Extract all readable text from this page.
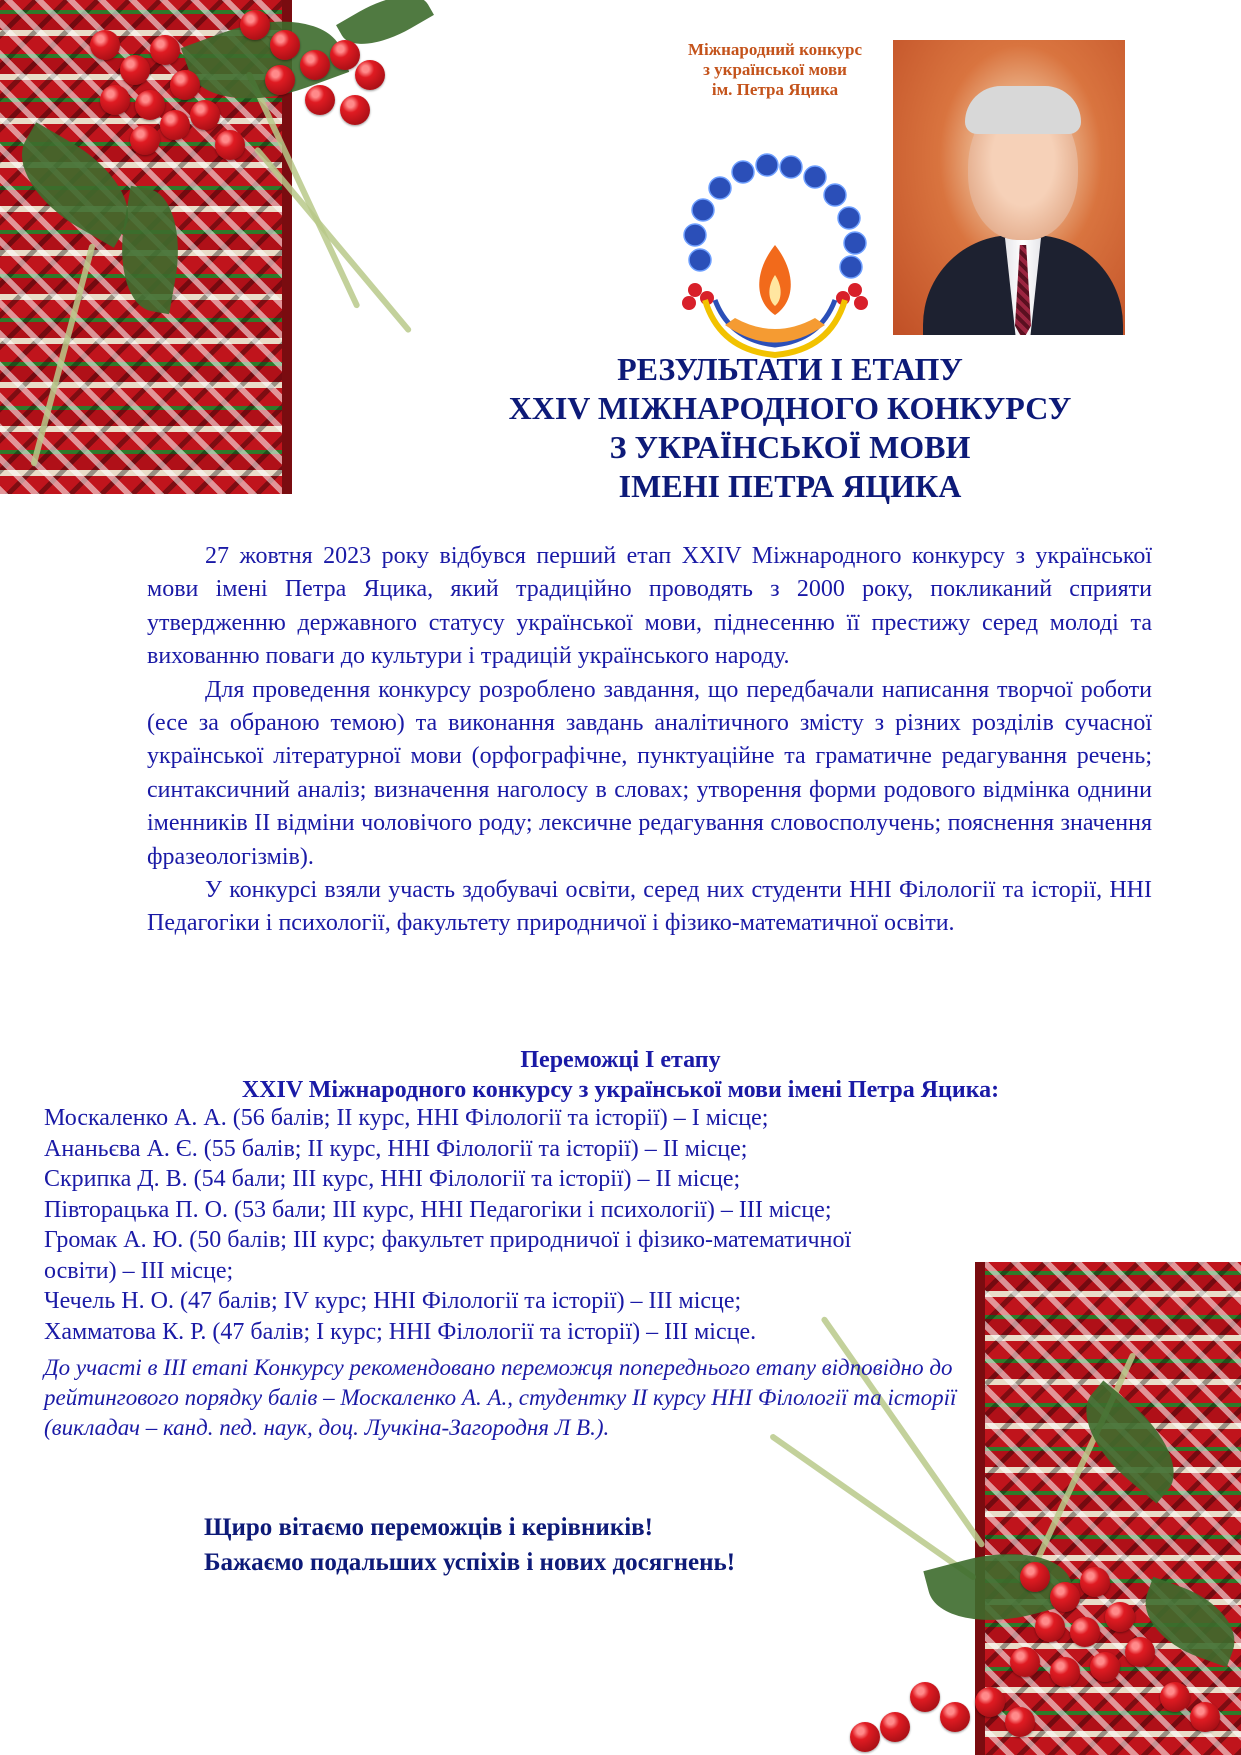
Міжнародний конкурс
з української мови
ім. Петра Яцика
РЕЗУЛЬТАТИ І ЕТАПУ
XXIV МІЖНАРОДНОГО КОНКУРСУ
З УКРАЇНСЬКОЇ МОВИ
ІМЕНІ ПЕТРА ЯЦИКА

27 жовтня 2023 року відбувся перший етап XXIV Міжнародного конкурсу з української мови імені Петра Яцика, який традиційно проводять з 2000 року, покликаний сприяти утвердженню державного статусу української мови, піднесенню її престижу серед молоді та вихованню поваги до культури і традицій українського народу.

Для проведення конкурсу розроблено завдання, що передбачали написання творчої роботи (есе за обраною темою) та виконання завдань аналітичного змісту з різних розділів сучасної української літературної мови (орфографічне, пунктуаційне та граматичне редагування речень; синтаксичний аналіз; визначення наголосу в словах; утворення форми родового відмінка однини іменників ІІ відміни чоловічого роду; лексичне редагування словосполучень; пояснення значення фразеологізмів).

У конкурсі взяли участь здобувачі освіти, серед них студенти ННІ Філології та історії, ННІ Педагогіки і психології, факультету природничої і фізико-математичної освіти.

Переможці І етапу
XXIV Міжнародного конкурсу з української мови імені Петра Яцика:
Москаленко А. А. (56 балів; ІІ курс, ННІ Філології та історії) – І місце;
Ананьєва А. Є. (55 балів; ІІ курс, ННІ Філології та історії) – ІІ місце;
Скрипка Д. В. (54 бали; ІІІ курс, ННІ Філології та історії) – ІІ місце;
Півторацька П. О. (53 бали; ІІІ курс, ННІ Педагогіки і психології) – ІІІ місце;
Громак А. Ю. (50 балів; ІІІ курс; факультет природничої і фізико-математичної
освіти) – ІІІ місце;
Чечель Н. О. (47 балів; ІV курс; ННІ Філології та історії) – ІІІ місце;
Хамматова К. Р. (47 балів; І курс; ННІ Філології та історії) – ІІІ місце.
До участі в ІІІ етапі Конкурсу рекомендовано переможця попереднього етапу відповідно до рейтингового порядку балів – Москаленко А. А., студентку ІІ курсу ННІ Філології та історії (викладач – канд. пед. наук, доц. Лучкіна-Загородня Л В.).
Щиро вітаємо переможців і керівників!
Бажаємо подальших успіхів і нових досягнень!
